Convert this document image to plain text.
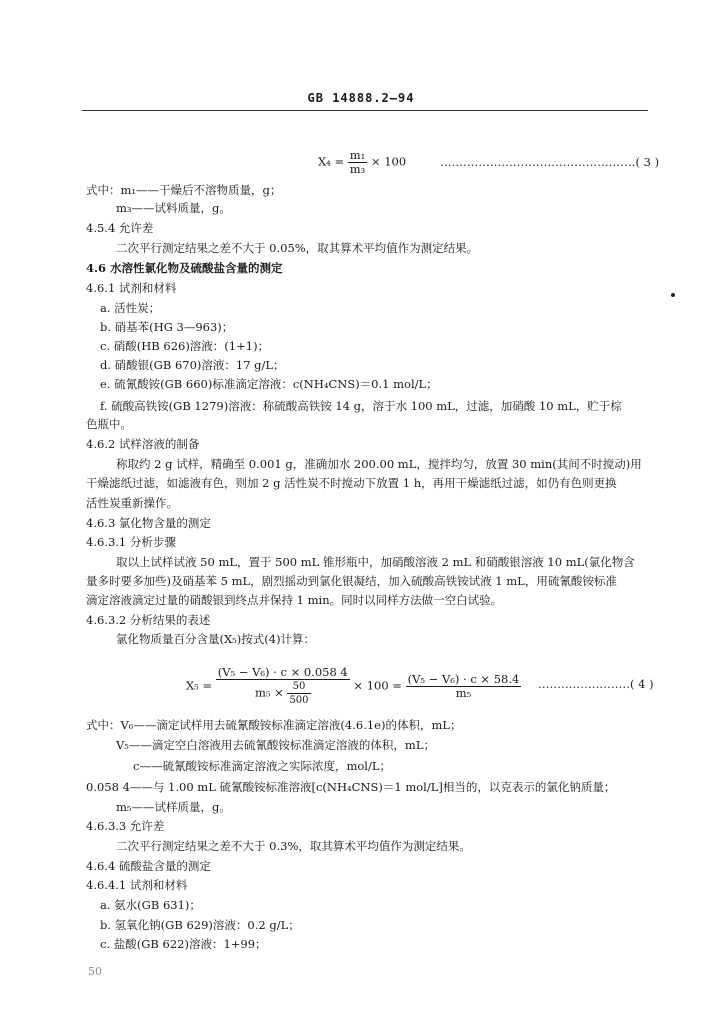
GB 14888.2—94
$X_4 = \frac{\text{m₁}}{\text{m₃}} \times 100$	……………………………………………( 3 )
式中：m₁——干燥后不溶物质量，g；
m₃——试料质量，g。
4.5.4 允许差
二次平行测定结果之差不大于 0.05%，取其算术平均值作为测定结果。
4.6 水溶性氯化物及硫酸盐含量的测定
4.6.1 试剂和材料
a. 活性炭；
b. 硝基苯(HG 3—963)；
c. 硝酸(HB 626)溶液：(1+1)；
d. 硝酸银(GB 670)溶液：17 g/L；
e. 硫氰酸铵(GB 660)标准滴定溶液：c(NH₄CNS)＝0.1 mol/L；
f. 硫酸高铁铵(GB 1279)溶液：称硫酸高铁铵 14 g，溶于水 100 mL，过滤，加硝酸 10 mL，贮于棕
色瓶中。
4.6.2 试样溶液的制备
称取约 2 g 试样，精确至 0.001 g，准确加水 200.00 mL，搅拌均匀，放置 30 min(其间不时搅动)用
干燥滤纸过滤，如滤液有色，则加 2 g 活性炭不时搅动下放置 1 h，再用干燥滤纸过滤，如仍有色则更换
活性炭重新操作。
4.6.3 氯化物含量的测定
4.6.3.1 分析步骤
取以上试样试液 50 mL，置于 500 mL 锥形瓶中，加硝酸溶液 2 mL 和硝酸银溶液 10 mL(氯化物含
量多时要多加些)及硝基苯 5 mL，剧烈摇动到氯化银凝结，加入硫酸高铁铵试液 1 mL，用硫氰酸铵标准
滴定溶液滴定过量的硝酸银到终点并保持 1 min。同时以同样方法做一空白试验。
4.6.3.2 分析结果的表述
氯化物质量百分含量(X₅)按式(4)计算：
$X_5 = \frac{\text{(V₅ − V₆) · c × 0.058 4}}{m_5 \times \frac{50}{500}} \times 100 = \frac{\text{(V₅ − V₆) · c × 58.4}}{\text{m₅}}$ ……………………( 4 )
式中：V₆——滴定试样用去硫氰酸铵标准滴定溶液(4.6.1e)的体积，mL；
V₅——滴定空白溶液用去硫氰酸铵标准滴定溶液的体积，mL；
c——硫氰酸铵标准滴定溶液之实际浓度，mol/L；
0.058 4——与 1.00 mL 硫氰酸铵标准溶液[c(NH₄CNS)＝1 mol/L]相当的，以克表示的氯化钠质量；
m₅——试样质量，g。
4.6.3.3 允许差
二次平行测定结果之差不大于 0.3%，取其算术平均值作为测定结果。
4.6.4 硫酸盐含量的测定
4.6.4.1 试剂和材料
a. 氨水(GB 631)；
b. 氢氧化钠(GB 629)溶液：0.2 g/L；
c. 盐酸(GB 622)溶液：1+99；
50
